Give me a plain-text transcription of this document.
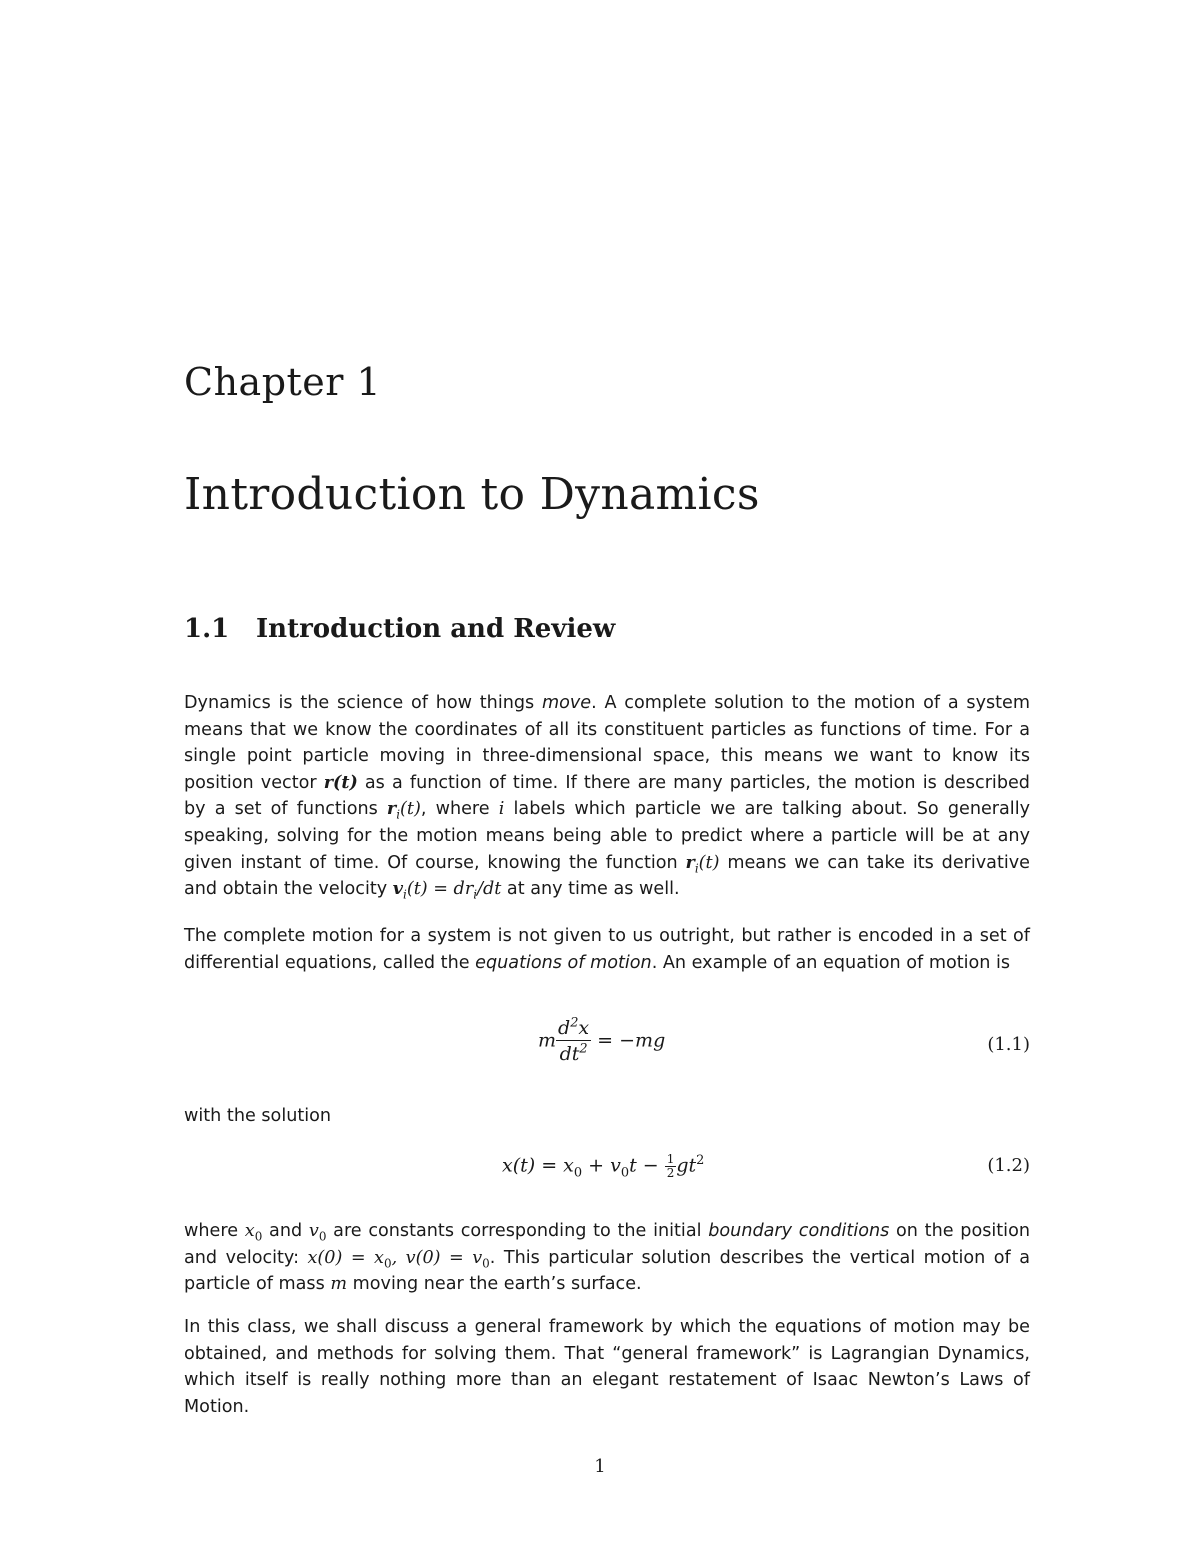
Chapter 1
Introduction to Dynamics
1.1 Introduction and Review

Dynamics is the science of how things move. A complete solution to the motion of a system means that we know the coordinates of all its constituent particles as functions of time. For a single point particle moving in three-dimensional space, this means we want to know its position vector r(t) as a function of time. If there are many particles, the motion is described by a set of functions $r_i(t)$, where i labels which particle we are talking about. So generally speaking, solving for the motion means being able to predict where a particle will be at any given instant of time. Of course, knowing the function $r_i(t)$ means we can take its derivative and obtain the velocity $v_i(t) = dr_i/dt$ at any time as well.

The complete motion for a system is not given to us outright, but rather is encoded in a set of differential equations, called the equations of motion. An example of an equation of motion is

m $\frac{d^2x}{dt^2} = -mg$	(1.1)

with the solution

$x(t) = x_0 + v_0t - \frac{1}{2} gt^2$	(1.2)

where $x_0$ and $v_0$ are constants corresponding to the initial boundary conditions on the position and velocity: $x(0) = x_0$, $v(0) = v_0$. This particular solution describes the vertical motion of a particle of mass m moving near the earth’s surface.

In this class, we shall discuss a general framework by which the equations of motion may be obtained, and methods for solving them. That “general framework” is Lagrangian Dynamics, which itself is really nothing more than an elegant restatement of Isaac Newton’s Laws of Motion.

1
